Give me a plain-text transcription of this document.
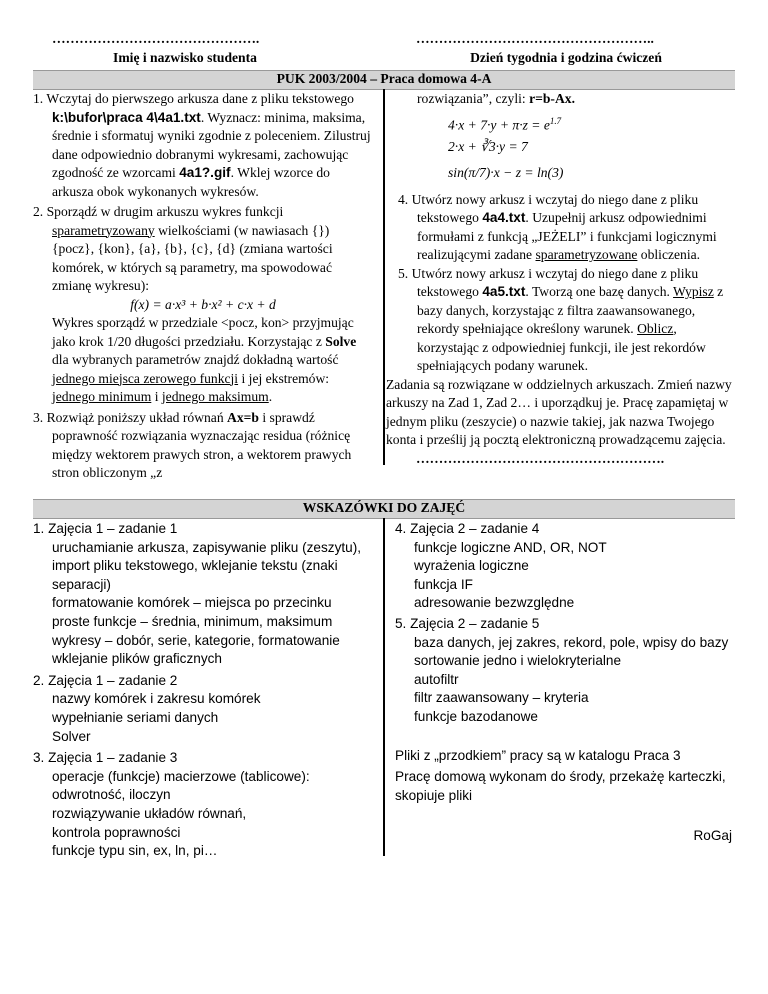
……………………………………….	……………………………………………..
Imię i nazwisko studenta	Dzień tygodnia i godzina ćwiczeń
PUK 2003/2004 – Praca domowa 4-A

1. Wczytaj do pierwszego arkusza dane z pliku tekstowego k:\bufor\praca 4\4a1.txt. Wyznacz: minima, maksima, średnie i sformatuj wyniki zgodnie z poleceniem. Zilustruj dane odpowiednio dobranymi wykresami, zachowując zgodność ze wzorcami 4a1?.gif. Wklej wzorce do arkusza obok wykonanych wykresów.

2. Sporządź w drugim arkuszu wykres funkcji sparametryzowany wielkościami (w nawiasach {}) {pocz}, {kon}, {a}, {b}, {c}, {d} (zmiana wartości komórek, w których są parametry, ma spowodować zmianę wykresu):

f(x) = a·x³ + b·x² + c·x + d

Wykres sporządź w przedziale <pocz, kon> przyjmując jako krok 1/20 długości przedziału. Korzystając z Solve dla wybranych parametrów znajdź dokładną wartość jednego miejsca zerowego funkcji i jej ekstremów: jednego minimum i jednego maksimum.

3. Rozwiąż poniższy układ równań Ax=b i sprawdź poprawność rozwiązania wyznaczając residua (różnicę między wektorem prawych stron, a wektorem prawych stron obliczonym „z

rozwiązania”, czyli: r=b-Ax.

$4\cdot x + 7\cdot y + \pi\cdot z = e^{1.7}$

2·x + ∛3·y = 7

sin(π/7)·x − z = ln(3)

4. Utwórz nowy arkusz i wczytaj do niego dane z pliku tekstowego 4a4.txt. Uzupełnij arkusz odpowiednimi formułami z funkcją „JEŻELI” i funkcjami logicznymi realizującymi zadane sparametryzowane obliczenia.

5. Utwórz nowy arkusz i wczytaj do niego dane z pliku tekstowego 4a5.txt. Tworzą one bazę danych. Wypisz z bazy danych, korzystając z filtra zaawansowanego, rekordy spełniające określony warunek. Oblicz, korzystając z odpowiedniej funkcji, ile jest rekordów spełniających podany warunek.

Zadania są rozwiązane w oddzielnych arkuszach. Zmień nazwy arkuszy na Zad 1, Zad 2… i uporządkuj je. Pracę zapamiętaj w jednym pliku (zeszycie) o nazwie takiej, jak nazwa Twojego konta i prześlij ją pocztą elektroniczną prowadzącemu zajęcia.

……………………………………………….

WSKAZÓWKI DO ZAJĘĆ

1. Zajęcia 1 – zadanie 1

uruchamianie arkusza, zapisywanie pliku (zeszytu), import pliku tekstowego, wklejanie tekstu (znaki separacji)

formatowanie komórek – miejsca po przecinku

proste funkcje – średnia, minimum, maksimum

wykresy – dobór, serie, kategorie, formatowanie

wklejanie plików graficznych

2. Zajęcia 1 – zadanie 2

nazwy komórek i zakresu komórek

wypełnianie seriami danych

Solver

3. Zajęcia 1 – zadanie 3

operacje (funkcje) macierzowe (tablicowe): odwrotność, iloczyn

rozwiązywanie układów równań,

kontrola poprawności

funkcje typu sin, ex, ln, pi…

4. Zajęcia 2 – zadanie 4

funkcje logiczne AND, OR, NOT

wyrażenia logiczne

funkcja IF

adresowanie bezwzględne

5. Zajęcia 2 – zadanie 5

baza danych, jej zakres, rekord, pole, wpisy do bazy

sortowanie jedno i wielokryterialne

autofiltr

filtr zaawansowany – kryteria

funkcje bazodanowe

Pliki z „przodkiem” pracy są w katalogu Praca 3

Pracę domową wykonam do środy, przekażę karteczki, skopiuje pliki

RoGaj
